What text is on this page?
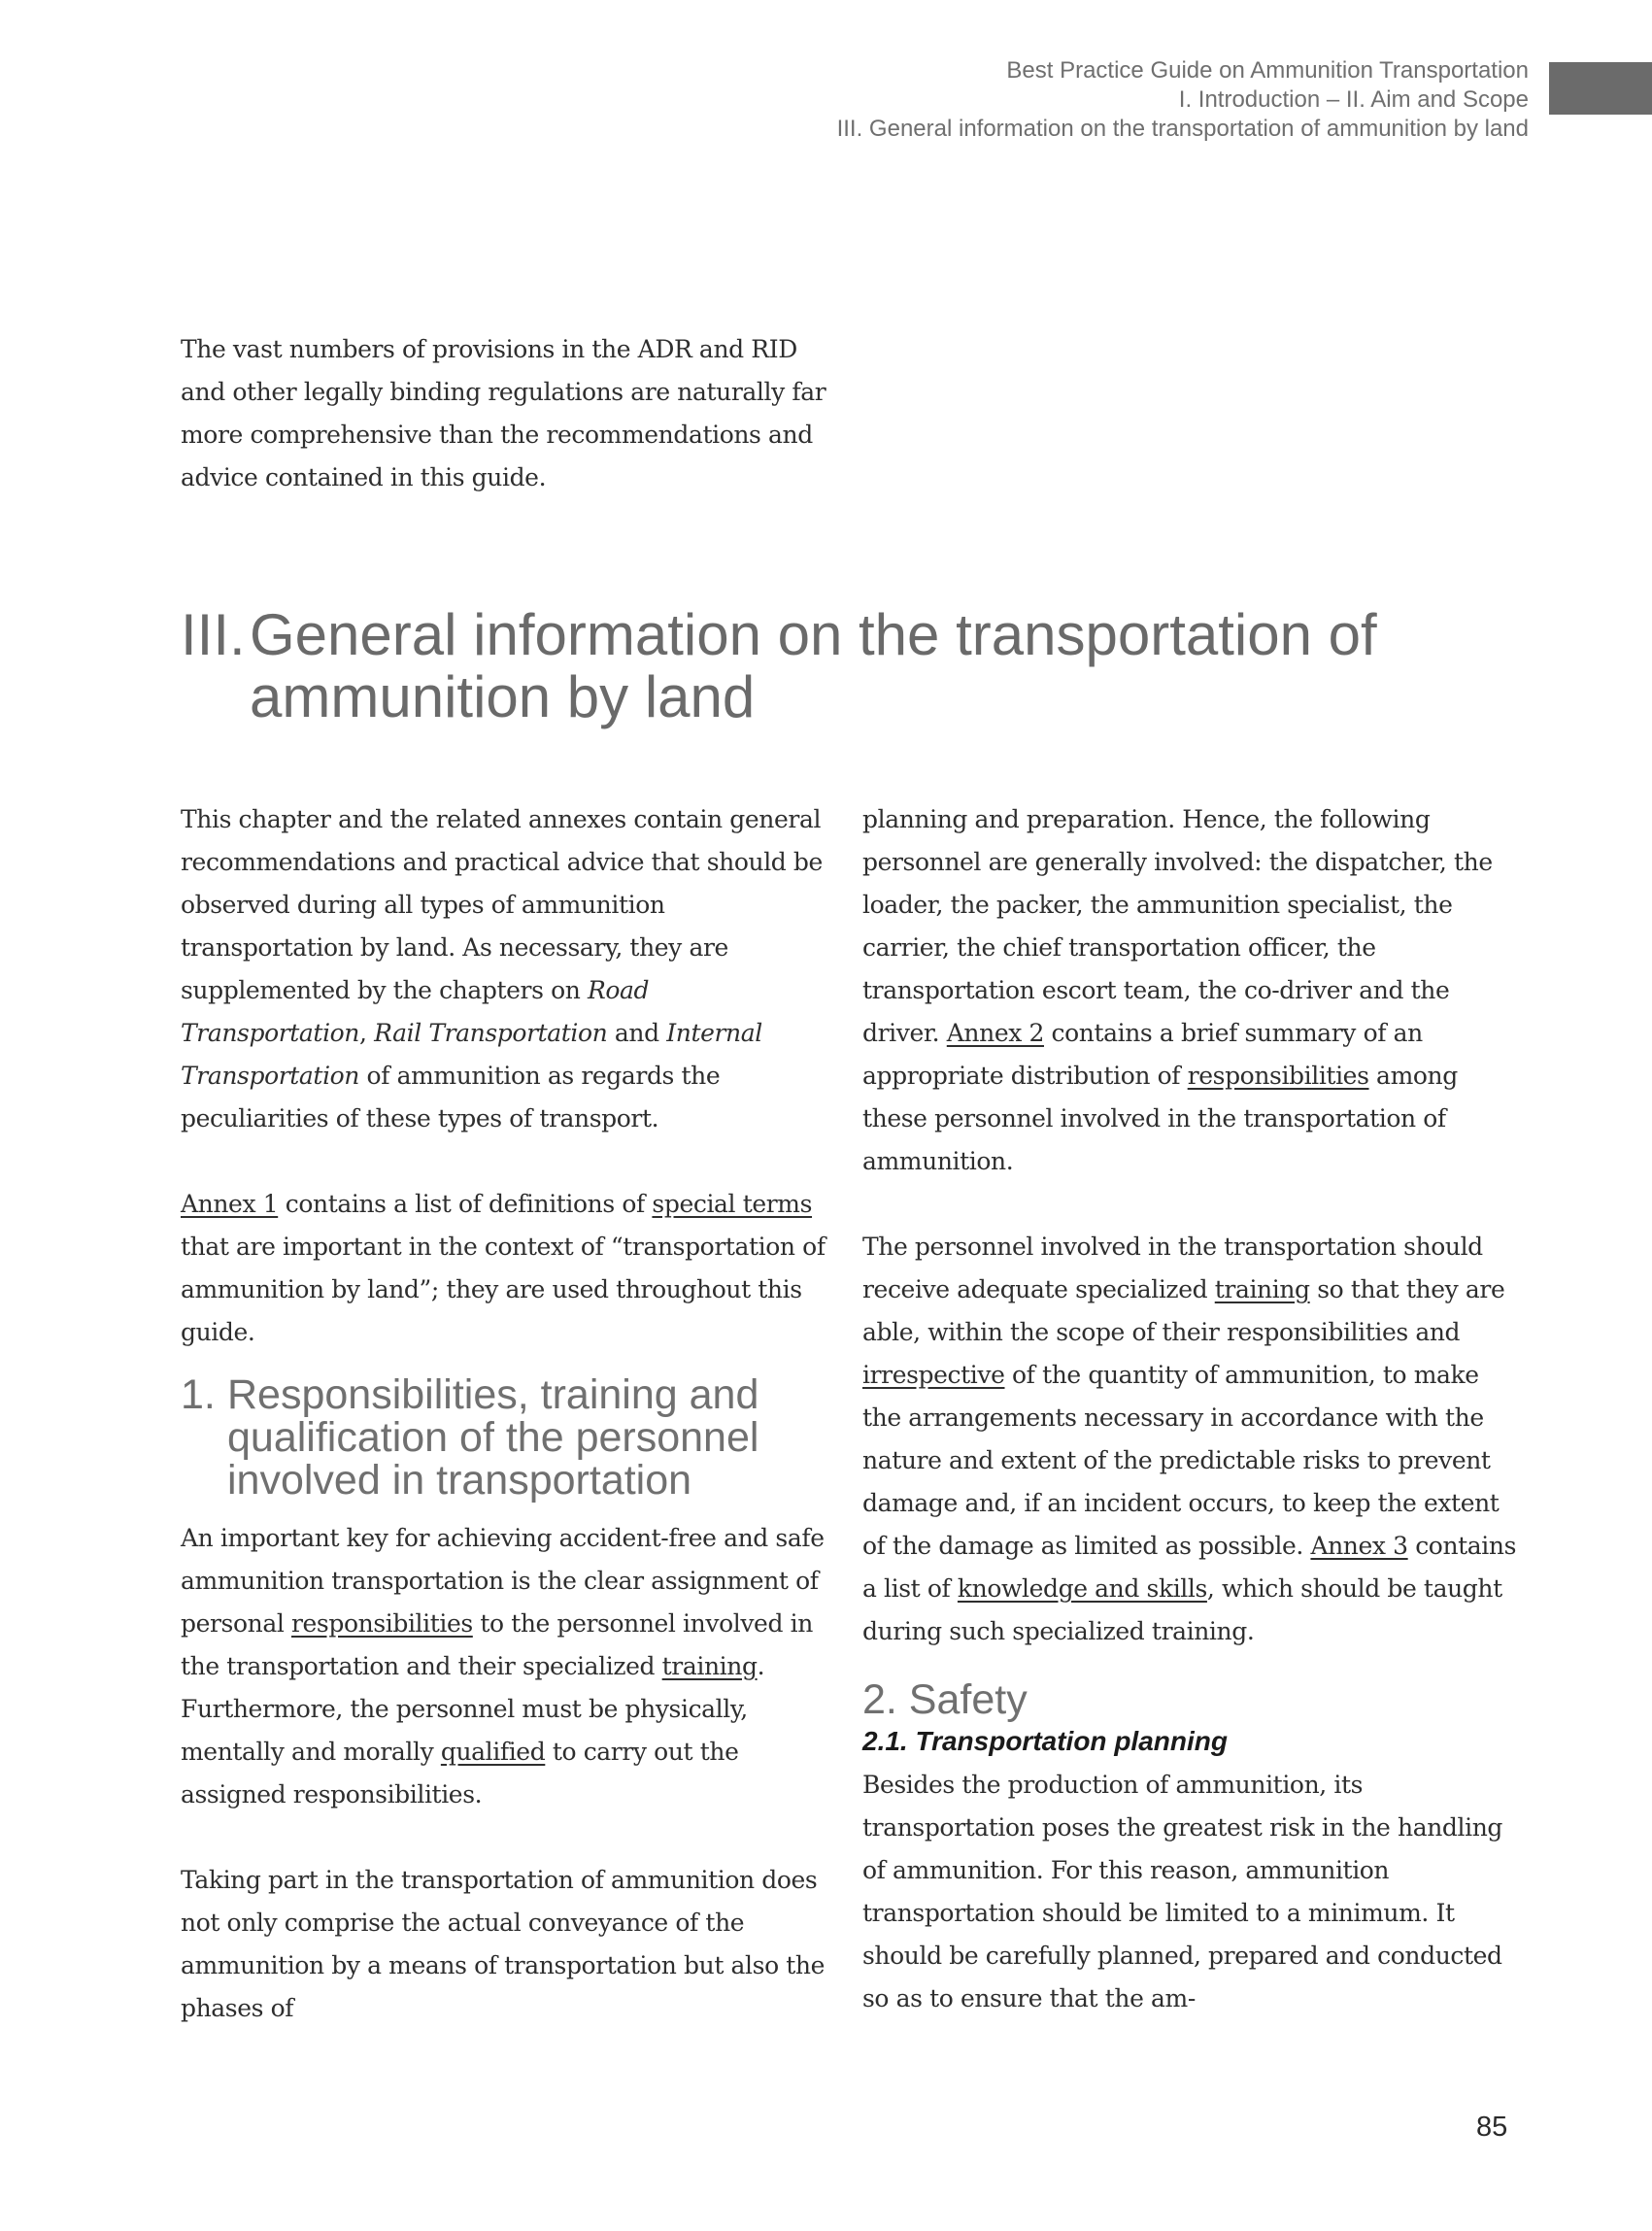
Best Practice Guide on Ammunition Transportation
I. Introduction – II. Aim and Scope
III. General information on the transportation of ammunition by land

The vast numbers of provisions in the ADR and RID and other legally binding regulations are naturally far more comprehensive than the recommendations and advice contained in this guide.

III. General information on the transportation of ammunition by land

This chapter and the related annexes contain general recommendations and practical advice that should be observed during all types of ammunition transportation by land. As necessary, they are supplemented by the chapters on Road Transportation, Rail Transportation and Internal Transportation of ammunition as regards the peculiarities of these types of transport.

Annex 1 contains a list of definitions of special terms that are important in the context of “transportation of ammunition by land”; they are used throughout this guide.

1. Responsibilities, training and qualification of the personnel involved in transportation

An important key for achieving accident-free and safe ammunition transportation is the clear assignment of personal responsibilities to the personnel involved in the transportation and their specialized training. Furthermore, the personnel must be physically, mentally and morally qualified to carry out the assigned responsibilities.

Taking part in the transportation of ammunition does not only comprise the actual conveyance of the ammunition by a means of transportation but also the phases of

planning and preparation. Hence, the following personnel are generally involved: the dispatcher, the loader, the packer, the ammunition specialist, the carrier, the chief transportation officer, the transportation escort team, the co-driver and the driver. Annex 2 contains a brief summary of an appropriate distribution of responsibilities among these personnel involved in the transportation of ammunition.

The personnel involved in the transportation should receive adequate specialized training so that they are able, within the scope of their responsibilities and irrespective of the quantity of ammunition, to make the arrangements necessary in accordance with the nature and extent of the predictable risks to prevent damage and, if an incident occurs, to keep the extent of the damage as limited as possible. Annex 3 contains a list of knowledge and skills, which should be taught during such specialized training.

2. Safety
2.1. Transportation planning

Besides the production of ammunition, its transportation poses the greatest risk in the handling of ammunition. For this reason, ammunition transportation should be limited to a minimum. It should be carefully planned, prepared and conducted so as to ensure that the am-

85
